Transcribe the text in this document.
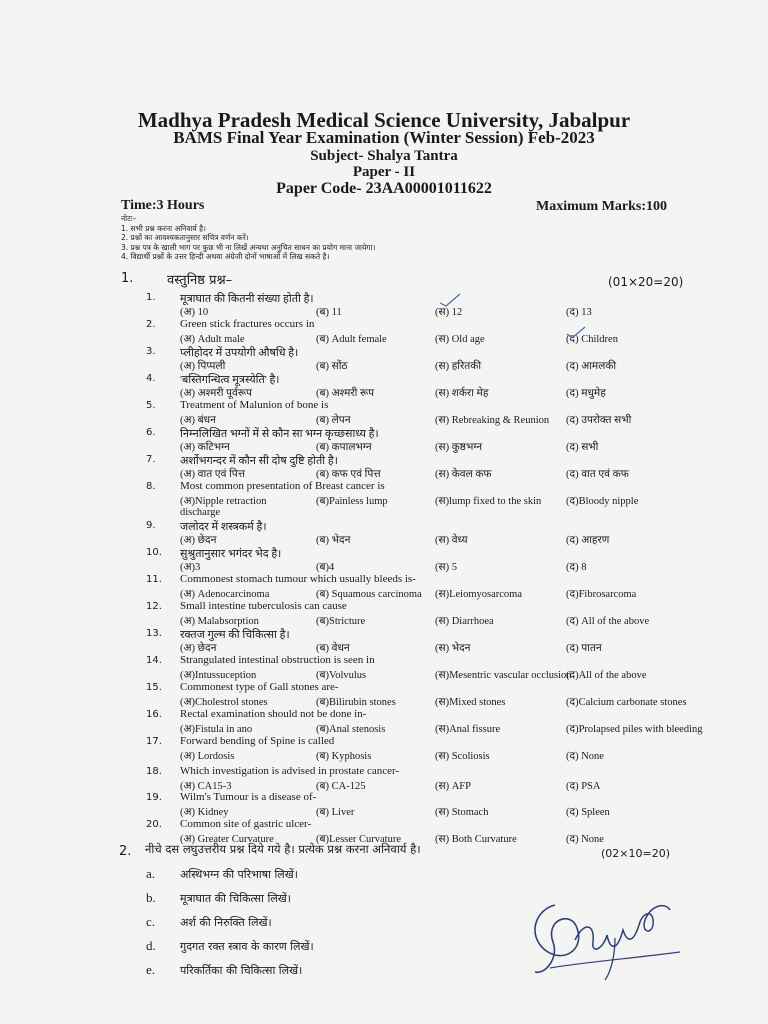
Madhya Pradesh Medical Science University, Jabalpur
BAMS Final Year Examination (Winter Session) Feb-2023
Subject- Shalya Tantra
Paper - II
Paper Code- 23AA00001011622
Time:3 Hours	Maximum Marks:100
नोटः–
1. सभी प्रश्न करना अनिवार्य है।
2. प्रश्नों का आवश्यकतानुसार सचित्र वर्णन करें।
3. प्रश्न पत्र के खाली भाग पर कुछ भी ना लिखें अन्यथा अनुचित साधन का प्रयोग माना जायेगा।
4. विद्यार्थी प्रश्नों के उत्तर हिन्दी अथवा अंग्रेजी दोनों भाषाओं में लिख सकते है।
1.	वस्तुनिष्ठ प्रश्न–	(01×20=20)
1. मूत्राघात की कितनी संख्या होती है।
(अ) 10	(ब) 11	(स) 12	(द) 13
2. Green stick fractures occurs in
(अ) Adult male	(ब) Adult female	(स) Old age	(द) Children
3. प्लीहोदर में उपयोगी औषधि है।
(अ) पिप्पली	(ब) सोंठ	(स) हरितकी	(द) आमलकी
4. 'बस्तिगन्धित्व मूत्रस्येति' है।
(अ) अश्मरी पूर्वरूप	(ब) अश्मरी रूप	(स) शर्करा मेह	(द) मधुमेह
5. Treatment of Malunion of bone is
(अ) बंधन	(ब) लेपन	(स) Rebreaking & Reunion (द) उपरोक्त सभी
6. निम्नलिखित भग्नों में से कौन सा भग्न कृच्छसाध्य है।
(अ) कटिभग्न	(ब) कपालभग्न	(स) कुष्ठभग्न	(द) सभी
7. अर्शोभगन्दर में कौन सी दोष दुष्टि होती है।
(अ) वात एवं पित्त	(ब) कफ एवं पित्त	(स) केवल कफ	(द) वात एवं कफ
8. Most common presentation of Breast cancer is
(अ)Nipple retraction	(ब)Painless lump	(स)lump fixed to the skin (द)Bloody nipple
discharge
9. जलोदर में शस्त्रकर्म है।
(अ) छेदन	(ब) भेदन	(स) वेध्य	(द) आहरण
10. सुश्रुतानुसार भगंदर भेद है।
(अ)3	(ब)4	(स) 5	(द) 8
11. Commonest stomach tumour which usually bleeds is-
(अ) Adenocarcinoma	(ब) Squamous carcinoma (स)Leiomyosarcoma	(द)Fibrosarcoma
12. Small intestine tuberculosis can cause
(अ) Malabsorption	(ब)Stricture	(स) Diarrhoea	(द) All of the above
13. रक्तज गुल्म की चिकित्सा है।
(अ) छेदन	(ब) वेधन	(स) भेदन	(द) पातन
14. Strangulated intestinal obstruction is seen in
(अ)Intussuception	(ब)Volvulus	(स)Mesentric vascular occlusion
(द)All of the above
15. Commonest type of Gall stones are-
(अ)Cholestrol stones	(ब)Bilirubin stones	(स)Mixed stones	(द)Calcium carbonate stones
16. Rectal examination should not be done in-
(अ)Fistula in ano	(ब)Anal stenosis	(स)Anal fissure	(द)Prolapsed piles with bleeding
17. Forward bending of Spine is called
(अ) Lordosis	(ब) Kyphosis	(स) Scoliosis	(द) None
18. Which investigation is advised in prostate cancer-
(अ) CA15-3	(ब) CA-125	(स) AFP	(द) PSA
19. Wilm's Tumour is a disease of-
(अ) Kidney	(ब) Liver	(स) Stomach	(द) Spleen
20. Common site of gastric ulcer-
(अ) Greater Curvature	(ब)Lesser Curvature	(स) Both Curvature	(द) None
2. नीचे दस लघुउत्तरीय प्रश्न दिये गये है। प्रत्येक प्रश्न करना अनिवार्य है।	(02×10=20)
a. अस्थिभग्न की परिभाषा लिखें।
b. मूत्राघात की चिकित्सा लिखें।
c. अर्श की निरुक्ति लिखें।
d. गुदगत रक्त स्त्राव के कारण लिखें।
e. परिकर्तिका की चिकित्सा लिखें।
